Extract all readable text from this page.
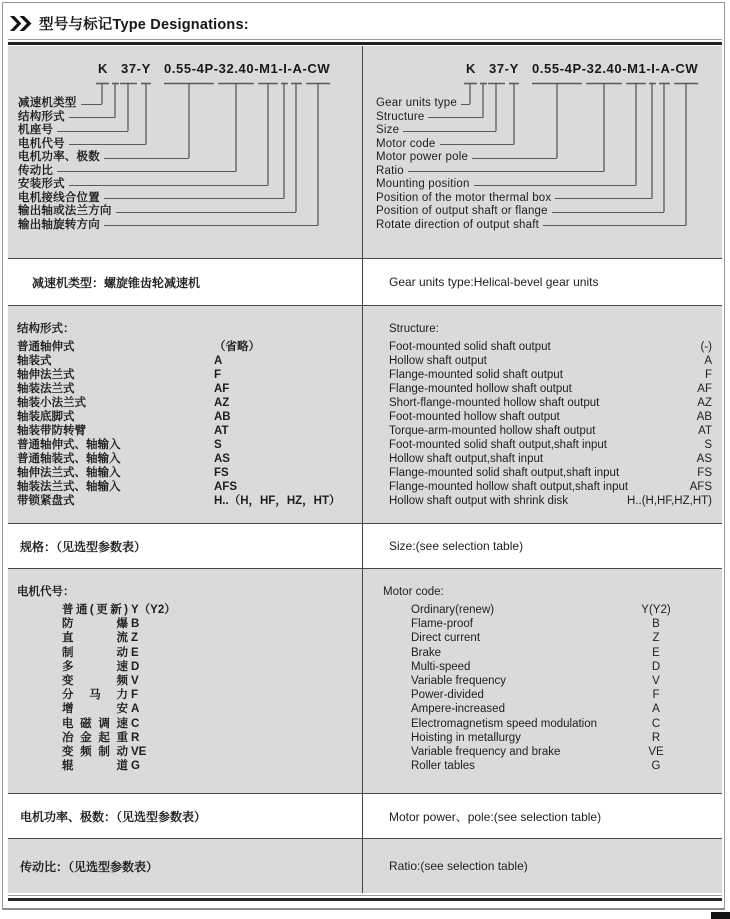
型号与标记Type Designations:
K 37-Y 0.55-4P-32.40-M1-I-A-CW
减速机类型
结构形式
机座号
电机代号
电机功率、极数
传动比
安装形式
电机接线合位置
输出轴或法兰方向
输出轴旋转方向
K 37-Y 0.55-4P-32.40-M1-I-A-CW
Gear units type
Structure
Size
Motor code
Motor power pole
Ratio
Mounting position
Position of the motor thermal box
Position of output shaft or flange
Rotate direction of output shaft
减速机类型：螺旋锥齿轮减速机	Gear units type:Helical-bevel gear units
结构形式：
普通轴伸式	（省略）
轴装式	A
轴伸法兰式	F
轴装法兰式	AF
轴装小法兰式	AZ
轴装底脚式	AB
轴装带防转臂	AT
普通轴伸式、轴输入	S
普通轴装式、轴输入	AS
轴伸法兰式、轴输入	FS
轴装法兰式、轴输入	AFS
带锁紧盘式	H..（H，HF，HZ，HT）
Structure:
Foot-mounted solid shaft output	(-)
Hollow shaft output	A
Flange-mounted solid shaft output	F
Flange-mounted hollow shaft output	AF
Short-flange-mounted hollow shaft output	AZ
Foot-mounted hollow shaft output	AB
Torque-arm-mounted hollow shaft output	AT
Foot-mounted solid shaft output,shaft input	S
Hollow shaft output,shaft input	AS
Flange-mounted solid shaft output,shaft input	FS
Flange-mounted hollow shaft output,shaft input	AFS
Hollow shaft output with shrink disk	H..(H,HF,HZ,HT)
规格：（见选型参数表）	Size:(see selection table)
电机代号：
普通(更新) Y（Y2）
防爆 B
直流 Z
制动 E
多速 D
变频 V
分马力 F
增安 A
电磁调速 C
冶金起重 R
变频制动 VE
辊道 G
Motor code:
Ordinary(renew)	Y(Y2)
Flame-proof	B
Direct current	Z
Brake	E
Multi-speed	D
Variable frequency	V
Power-divided	F
Ampere-increased	A
Electromagnetism speed modulation	C
Hoisting in metallurgy	R
Variable frequency and brake	VE
Roller tables	G
电机功率、极数：（见选型参数表）	Motor power、pole:(see selection table)
传动比：（见选型参数表）	Ratio:(see selection table)
